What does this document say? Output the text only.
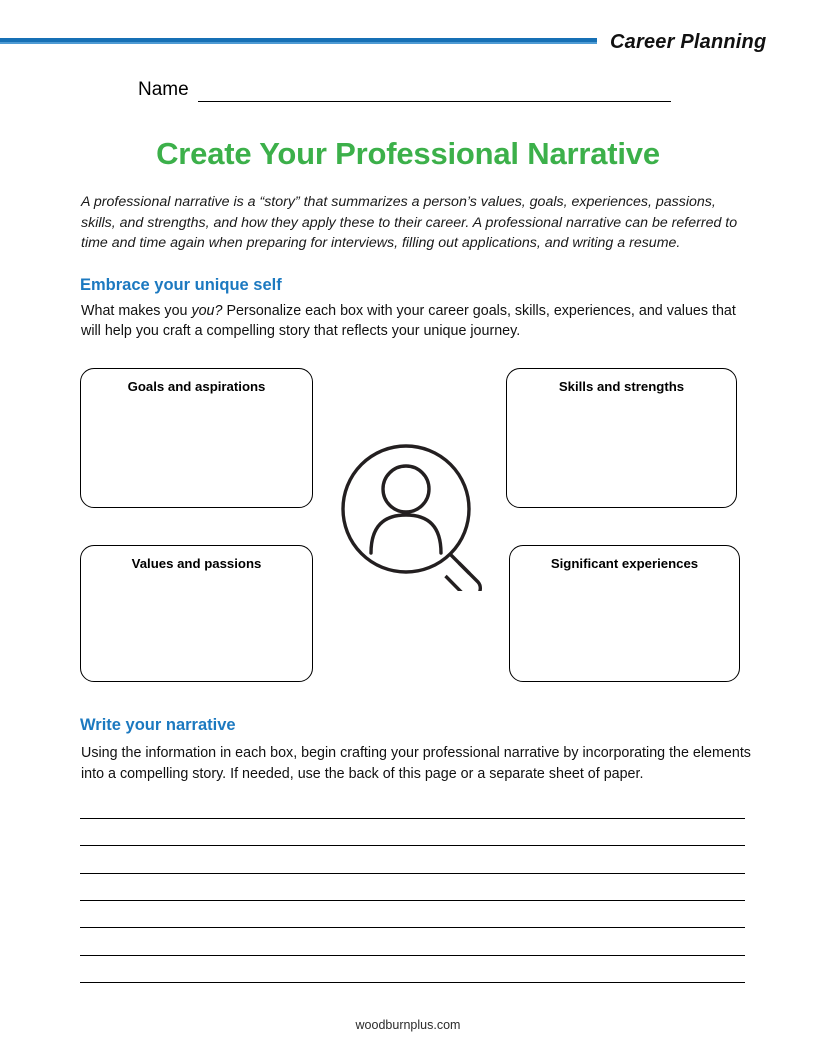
Career Planning
Name
Create Your Professional Narrative
A professional narrative is a “story” that summarizes a person’s values, goals, experiences, passions, skills, and strengths, and how they apply these to their career. A professional narrative can be referred to time and time again when preparing for interviews, filling out applications, and writing a resume.
Embrace your unique self
What makes you you? Personalize each box with your career goals, skills, experiences, and values that will help you craft a compelling story that reflects your unique journey.
Goals and aspirations	Skills and strengths
Values and passions	Significant experiences
Write your narrative
Using the information in each box, begin crafting your professional narrative by incorporating the elements into a compelling story. If needed, use the back of this page or a separate sheet of paper.
woodburnplus.com
